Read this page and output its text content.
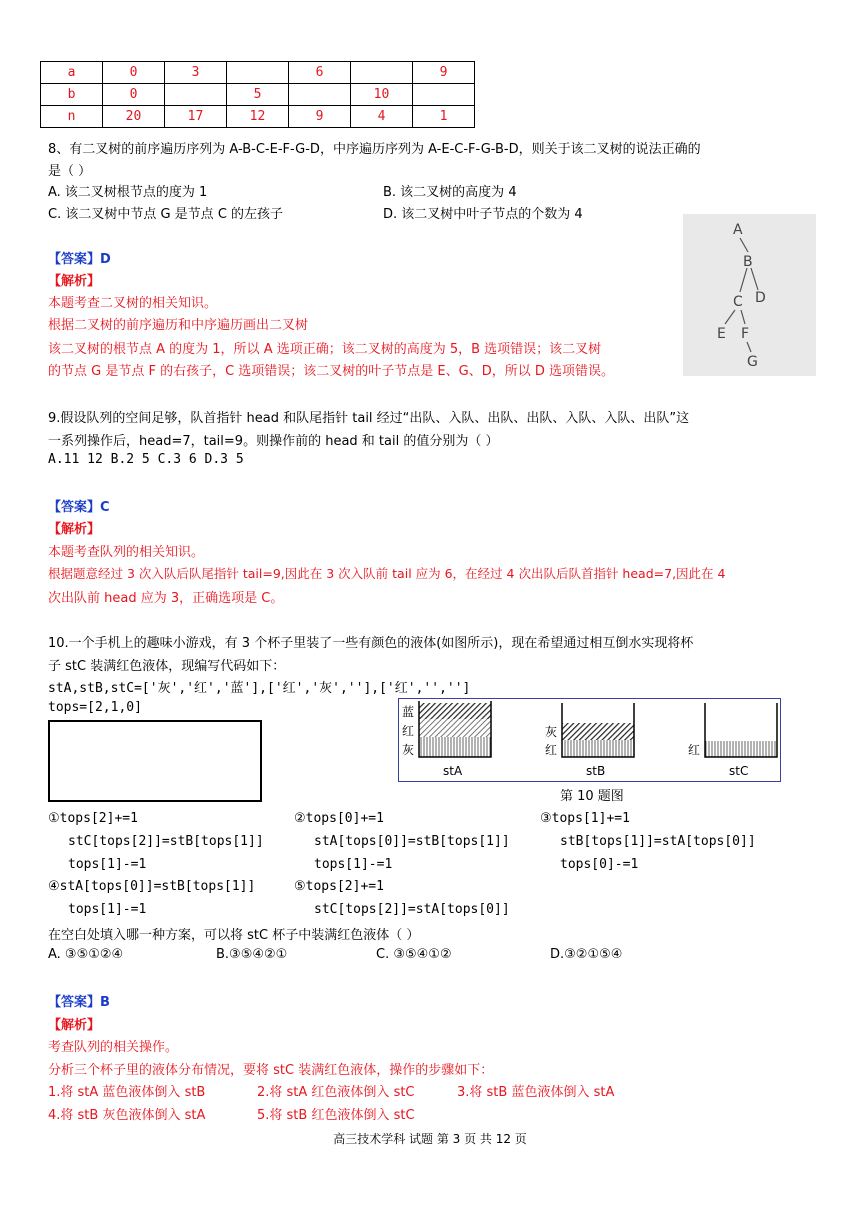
a	0	3		6		9
b	0		5		10	
n	20	17	12	9	4	1
8、有二叉树的前序遍历序列为 A-B-C-E-F-G-D，中序遍历序列为 A-E-C-F-G-B-D，则关于该二叉树的说法正确的
是（ ）
A. 该二叉树根节点的度为 1	B. 该二叉树的高度为 4
C. 该二叉树中节点 G 是节点 C 的左孩子	D. 该二叉树中叶子节点的个数为 4
A
B
C D
E F
G
【答案】D
【解析】
本题考查二叉树的相关知识。
根据二叉树的前序遍历和中序遍历画出二叉树
该二叉树的根节点 A 的度为 1，所以 A 选项正确；该二叉树的高度为 5，B 选项错误；该二叉树
的节点 G 是节点 F 的右孩子，C 选项错误；该二叉树的叶子节点是 E、G、D，所以 D 选项错误。
9.假设队列的空间足够，队首指针 head 和队尾指针 tail 经过“出队、入队、出队、出队、入队、入队、出队”这
一系列操作后，head=7，tail=9。则操作前的 head 和 tail 的值分别为（ ）
A.11 12 B.2 5 C.3 6 D.3 5
【答案】C
【解析】
本题考查队列的相关知识。
根据题意经过 3 次入队后队尾指针 tail=9,因此在 3 次入队前 tail 应为 6，在经过 4 次出队后队首指针 head=7,因此在 4
次出队前 head 应为 3，正确选项是 C。
10.一个手机上的趣味小游戏，有 3 个杯子里装了一些有颜色的液体(如图所示)，现在希望通过相互倒水实现将杯
子 stC 装满红色液体，现编写代码如下：
stA,stB,stC=['灰','红','蓝'],['红','灰',''],['红','','']
tops=[2,1,0]	蓝
红
灰
灰
红	红
stA	stB	stC
第 10 题图
①tops[2]+=1
stC[tops[2]]=stB[tops[1]]
tops[1]-=1
②tops[0]+=1
stA[tops[0]]=stB[tops[1]]
tops[1]-=1
③tops[1]+=1
stB[tops[1]]=stA[tops[0]]
tops[0]-=1
④stA[tops[0]]=stB[tops[1]]
tops[1]-=1
⑤tops[2]+=1
stC[tops[2]]=stA[tops[0]]
在空白处填入哪一种方案，可以将 stC 杯子中装满红色液体（ ）
A. ③⑤①②④	B.③⑤④②①	C. ③⑤④①②	D.③②①⑤④
【答案】B
【解析】
考查队列的相关操作。
分析三个杯子里的液体分布情况，要将 stC 装满红色液体，操作的步骤如下：
1.将 stA 蓝色液体倒入 stB	2.将 stA 红色液体倒入 stC	3.将 stB 蓝色液体倒入 stA
4.将 stB 灰色液体倒入 stA	5.将 stB 红色液体倒入 stC
高三技术学科 试题 第 3 页 共 12 页
